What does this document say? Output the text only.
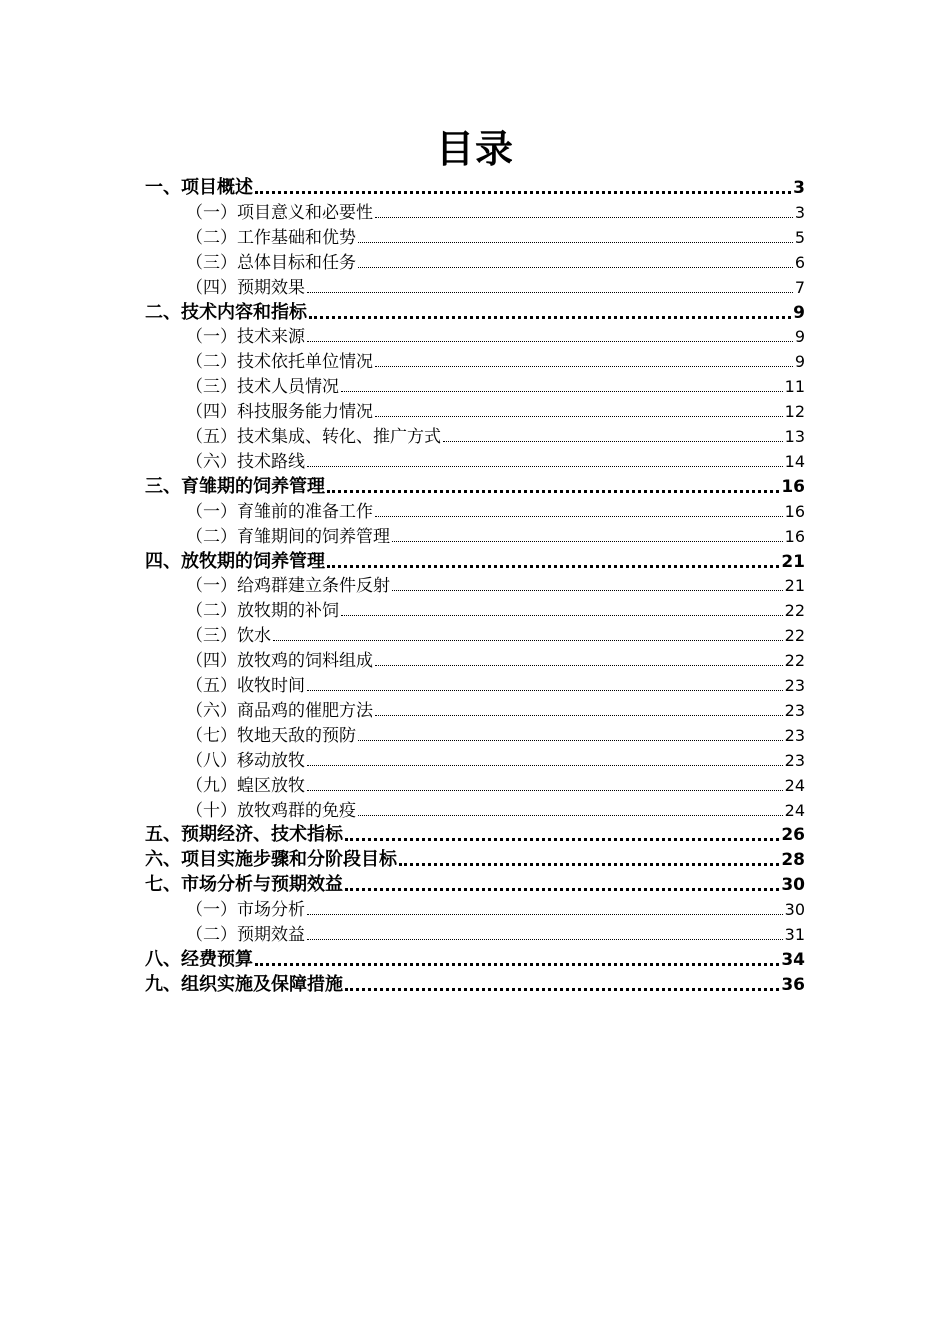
目录
一、项目概述	3
（一）项目意义和必要性	3
（二）工作基础和优势	5
（三）总体目标和任务	6
（四）预期效果	7
二、技术内容和指标	9
（一）技术来源	9
（二）技术依托单位情况	9
（三）技术人员情况	11
（四）科技服务能力情况	12
（五）技术集成、转化、推广方式	13
（六）技术路线	14
三、育雏期的饲养管理	16
（一）育雏前的准备工作	16
（二）育雏期间的饲养管理	16
四、放牧期的饲养管理	21
（一）给鸡群建立条件反射	21
（二）放牧期的补饲	22
（三）饮水	22
（四）放牧鸡的饲料组成	22
（五）收牧时间	23
（六）商品鸡的催肥方法	23
（七）牧地天敌的预防	23
（八）移动放牧	23
（九）蝗区放牧	24
（十）放牧鸡群的免疫	24
五、预期经济、技术指标	26
六、项目实施步骤和分阶段目标	28
七、市场分析与预期效益	30
（一）市场分析	30
（二）预期效益	31
八、经费预算	34
九、组织实施及保障措施	36
